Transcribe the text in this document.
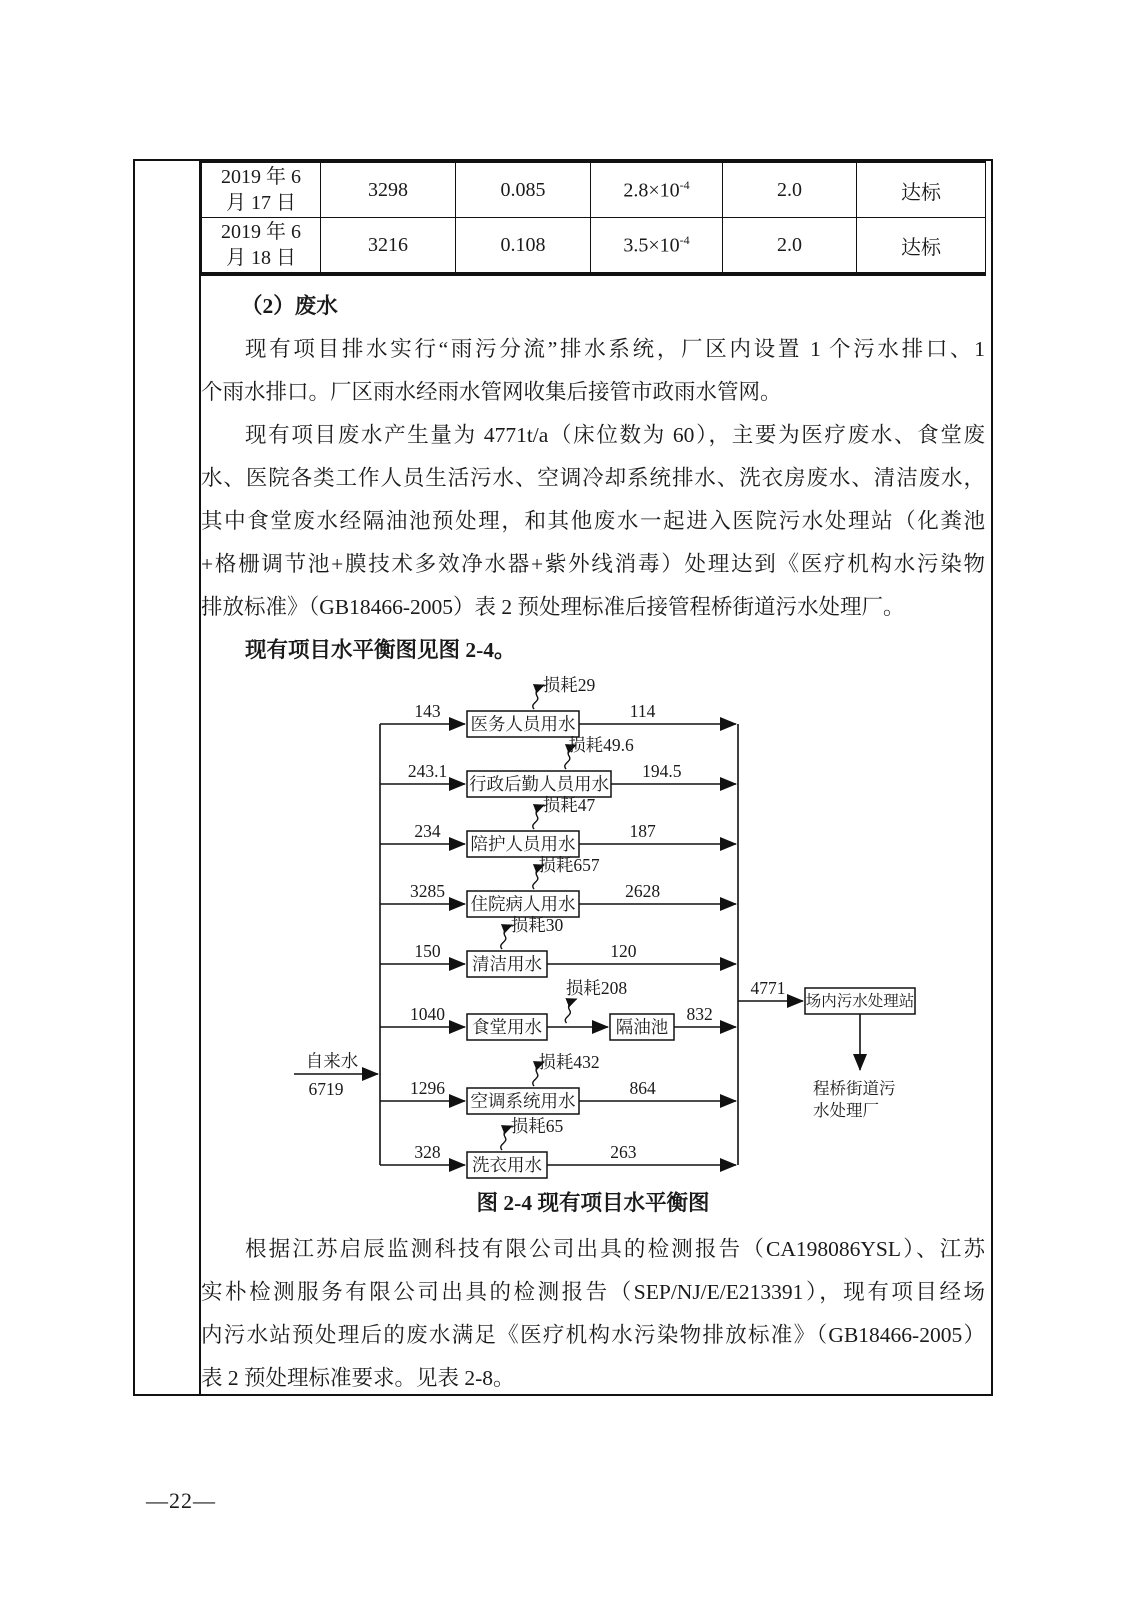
2019 年 6
月 17 日	3298	0.085	$2.8\times 10^{-4}$	2.0	达标

2019 年 6
月 18 日	3216	0.108	$3.5\times 10^{-4}$	2.0	达标
（2）废水
现有项目排水实行“雨污分流”排水系统，厂区内设置 1 个污水排口、1
个雨水排口。厂区雨水经雨水管网收集后接管市政雨水管网。
现有项目废水产生量为 4771t/a（床位数为 60），主要为医疗废水、食堂废
水、医院各类工作人员生活污水、空调冷却系统排水、洗衣房废水、清洁废水，
其中食堂废水经隔油池预处理，和其他废水一起进入医院污水处理站（化粪池
+格栅调节池+膜技术多效净水器+紫外线消毒）处理达到《医疗机构水污染物
排放标准》（GB18466-2005）表 2 预处理标准后接管程桥街道污水处理厂。
现有项目水平衡图见图 2-4。
自来水
6719
143
医务人员用水
114
损耗29
243.1
行政后勤人员用水
194.5
损耗49.6
234
陪护人员用水
187
损耗47
3285
住院病人用水
2628
损耗657
150
清洁用水
120
损耗30
1040
食堂用水	隔油池
832
损耗208
1296
空调系统用水
864
损耗432
328
洗衣用水
263
损耗65
4771
场内污水处理站
程桥街道污
水处理厂
图 2-4 现有项目水平衡图
根据江苏启辰监测科技有限公司出具的检测报告（CA198086YSL）、江苏
实朴检测服务有限公司出具的检测报告（SEP/NJ/E/E213391），现有项目经场
内污水站预处理后的废水满足《医疗机构水污染物排放标准》（GB18466-2005）
表 2 预处理标准要求。见表 2-8。
—22—
